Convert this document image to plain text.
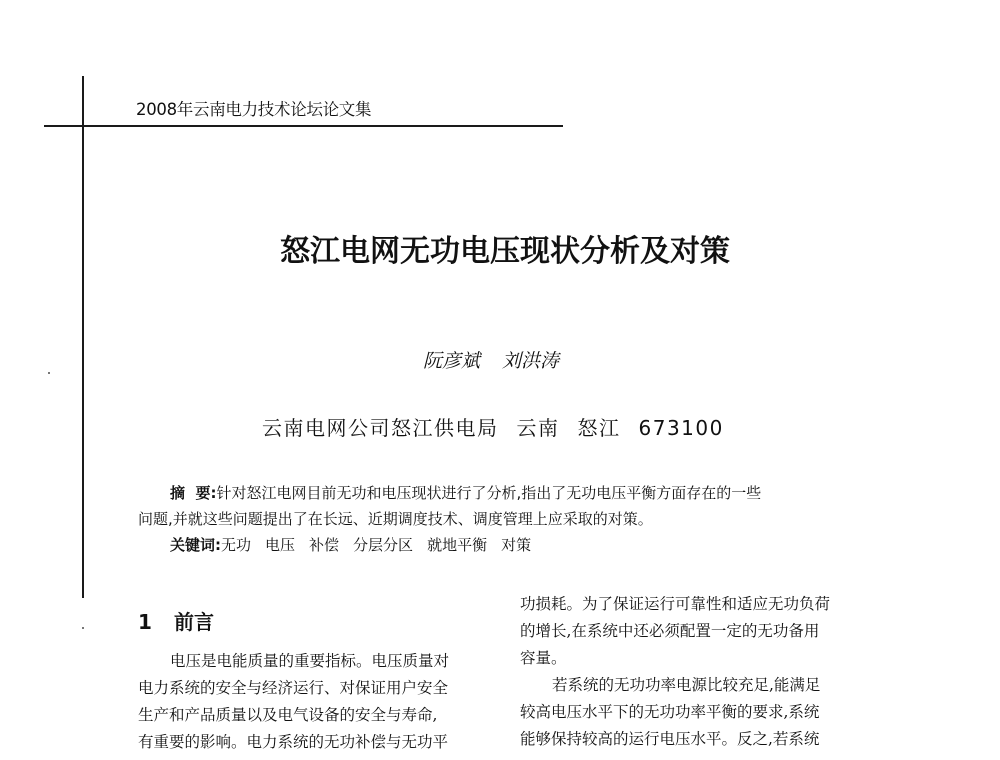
2008年云南电力技术论坛论文集
怒江电网无功电压现状分析及对策
阮彦斌 刘洪涛
云南电网公司怒江供电局 云南 怒江 673100
摘  要:针对怒江电网目前无功和电压现状进行了分析,指出了无功电压平衡方面存在的一些
问题,并就这些问题提出了在长远、近期调度技术、调度管理上应采取的对策。
关键词:无功 电压 补偿 分层分区 就地平衡 对策
1 前言
电压是电能质量的重要指标。电压质量对
电力系统的安全与经济运行、对保证用户安全
生产和产品质量以及电气设备的安全与寿命,
有重要的影响。电力系统的无功补偿与无功平
功损耗。为了保证运行可靠性和适应无功负荷
的增长,在系统中还必须配置一定的无功备用
容量。
若系统的无功功率电源比较充足,能满足
较高电压水平下的无功功率平衡的要求,系统
能够保持较高的运行电压水平。反之,若系统
